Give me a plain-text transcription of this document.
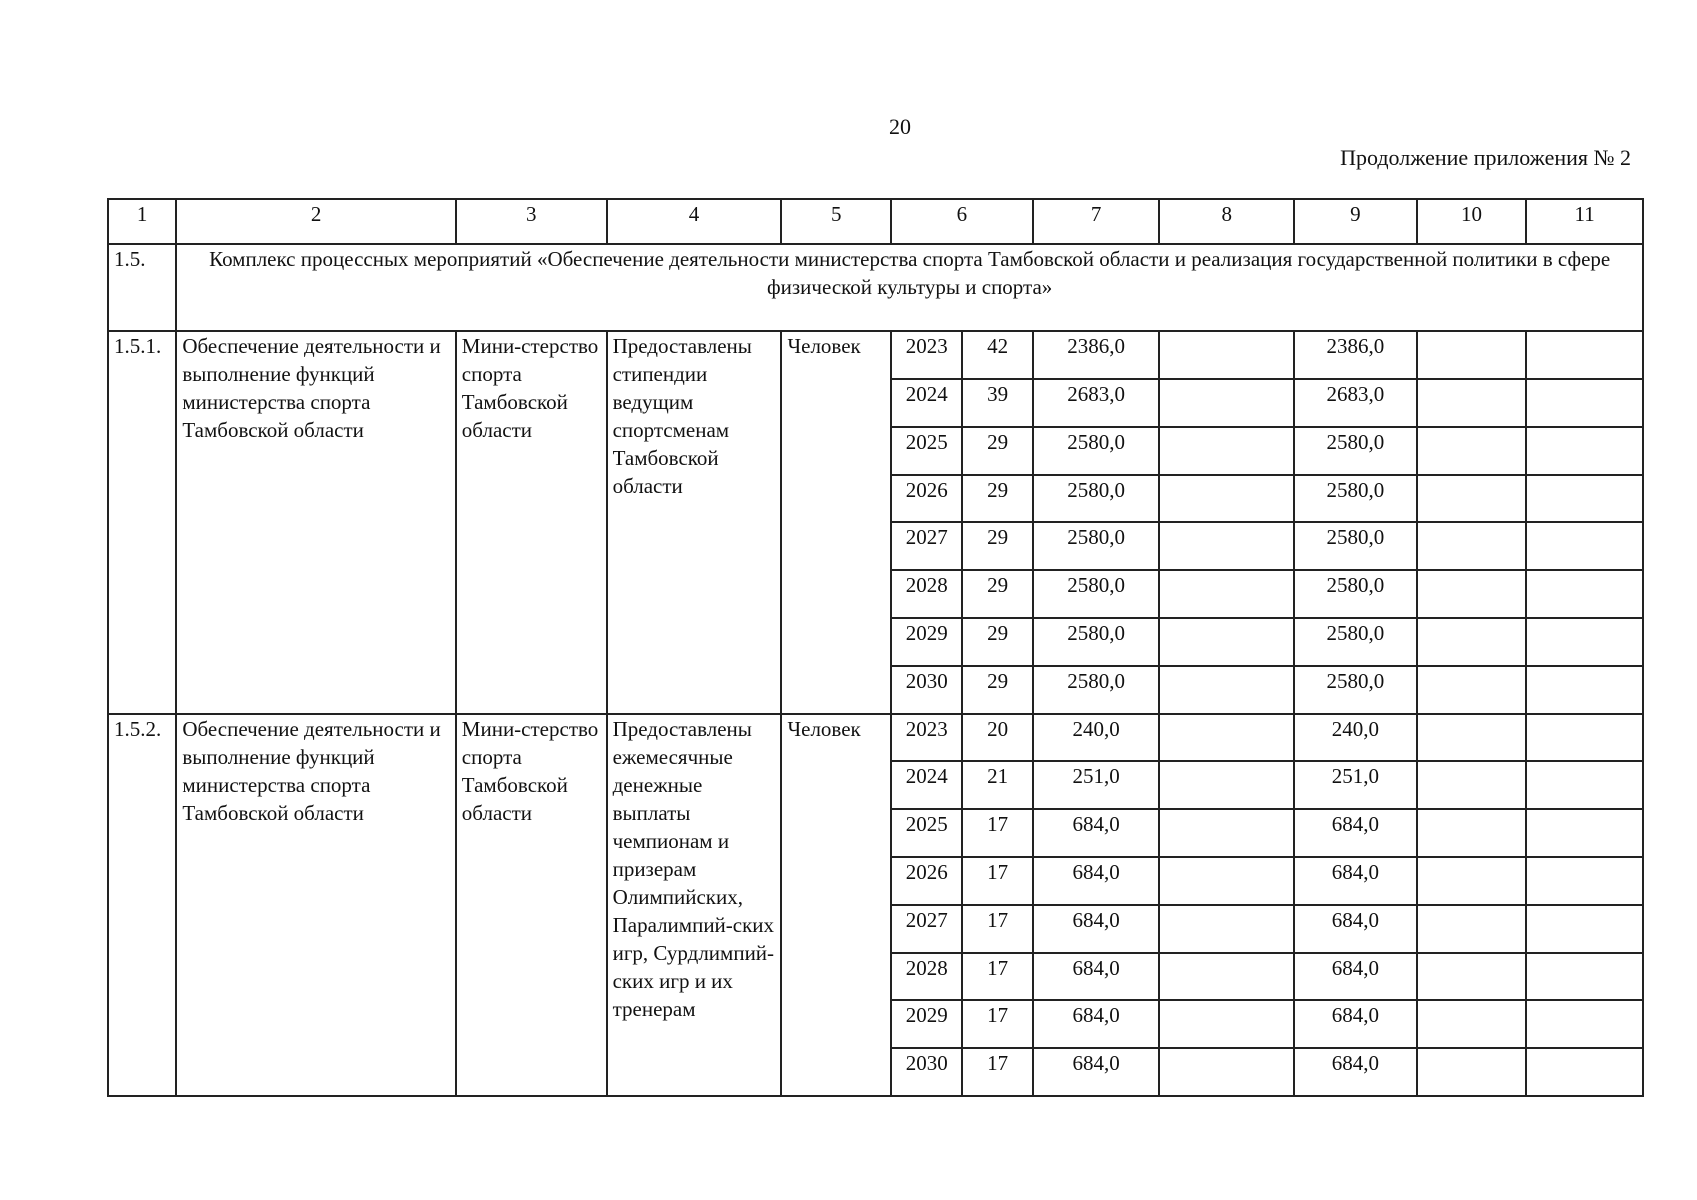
20
Продолжение приложения № 2
1	2	3	4	5	6		7	8	9	10	11
1.5.	Комплекс процессных мероприятий «Обеспечение деятельности министерства спорта Тамбовской области и реализация государственной политики в сфере физической культуры и спорта»										
1.5.1.	Обеспечение деятельности и выполнение функций министерства спорта Тамбовской области	Мини-стерство спорта Тамбовской области	Предоставлены стипендии ведущим спортсменам Тамбовской области	Человек	2023	42	2386,0		2386,0		
					2024	39	2683,0		2683,0		
					2025	29	2580,0		2580,0		
					2026	29	2580,0		2580,0		
					2027	29	2580,0		2580,0		
					2028	29	2580,0		2580,0		
					2029	29	2580,0		2580,0		
					2030	29	2580,0		2580,0		
1.5.2.	Обеспечение деятельности и выполнение функций министерства спорта Тамбовской области	Мини-стерство спорта Тамбовской области	Предоставлены ежемесячные денежные выплаты чемпионам и призерам Олимпийских, Паралимпий-ских игр, Сурдлимпий-ских игр и их тренерам	Человек	2023	20	240,0		240,0		
					2024	21	251,0		251,0		
					2025	17	684,0		684,0		
					2026	17	684,0		684,0		
					2027	17	684,0		684,0		
					2028	17	684,0		684,0		
					2029	17	684,0		684,0		
					2030	17	684,0		684,0		
